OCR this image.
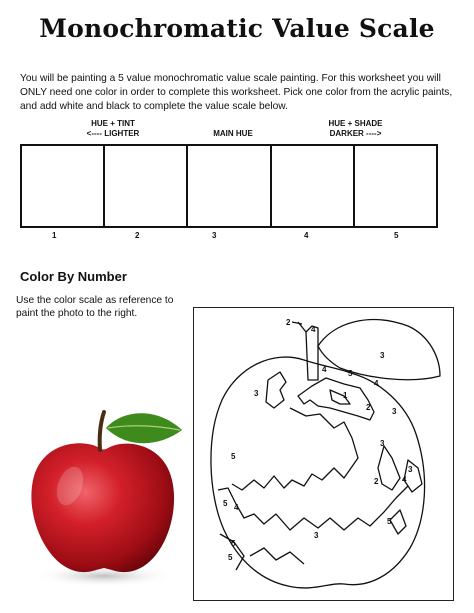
Monochromatic Value Scale
You will be painting a 5 value monochromatic value scale painting. For this worksheet you will ONLY need one color in order to complete this worksheet. Pick one color from the acrylic paints, and add white and black to complete the value scale below.
HUE + TINT
<---- LIGHTER	MAIN HUE
HUE + SHADE
DARKER ---->
1	2	3	4	5
Color By Number
Use the color scale as reference to paint the photo to the right.
2
4
3
4	5
4
3	1
2	3
3
5
2
3
4
5 4
5
3
5
5
